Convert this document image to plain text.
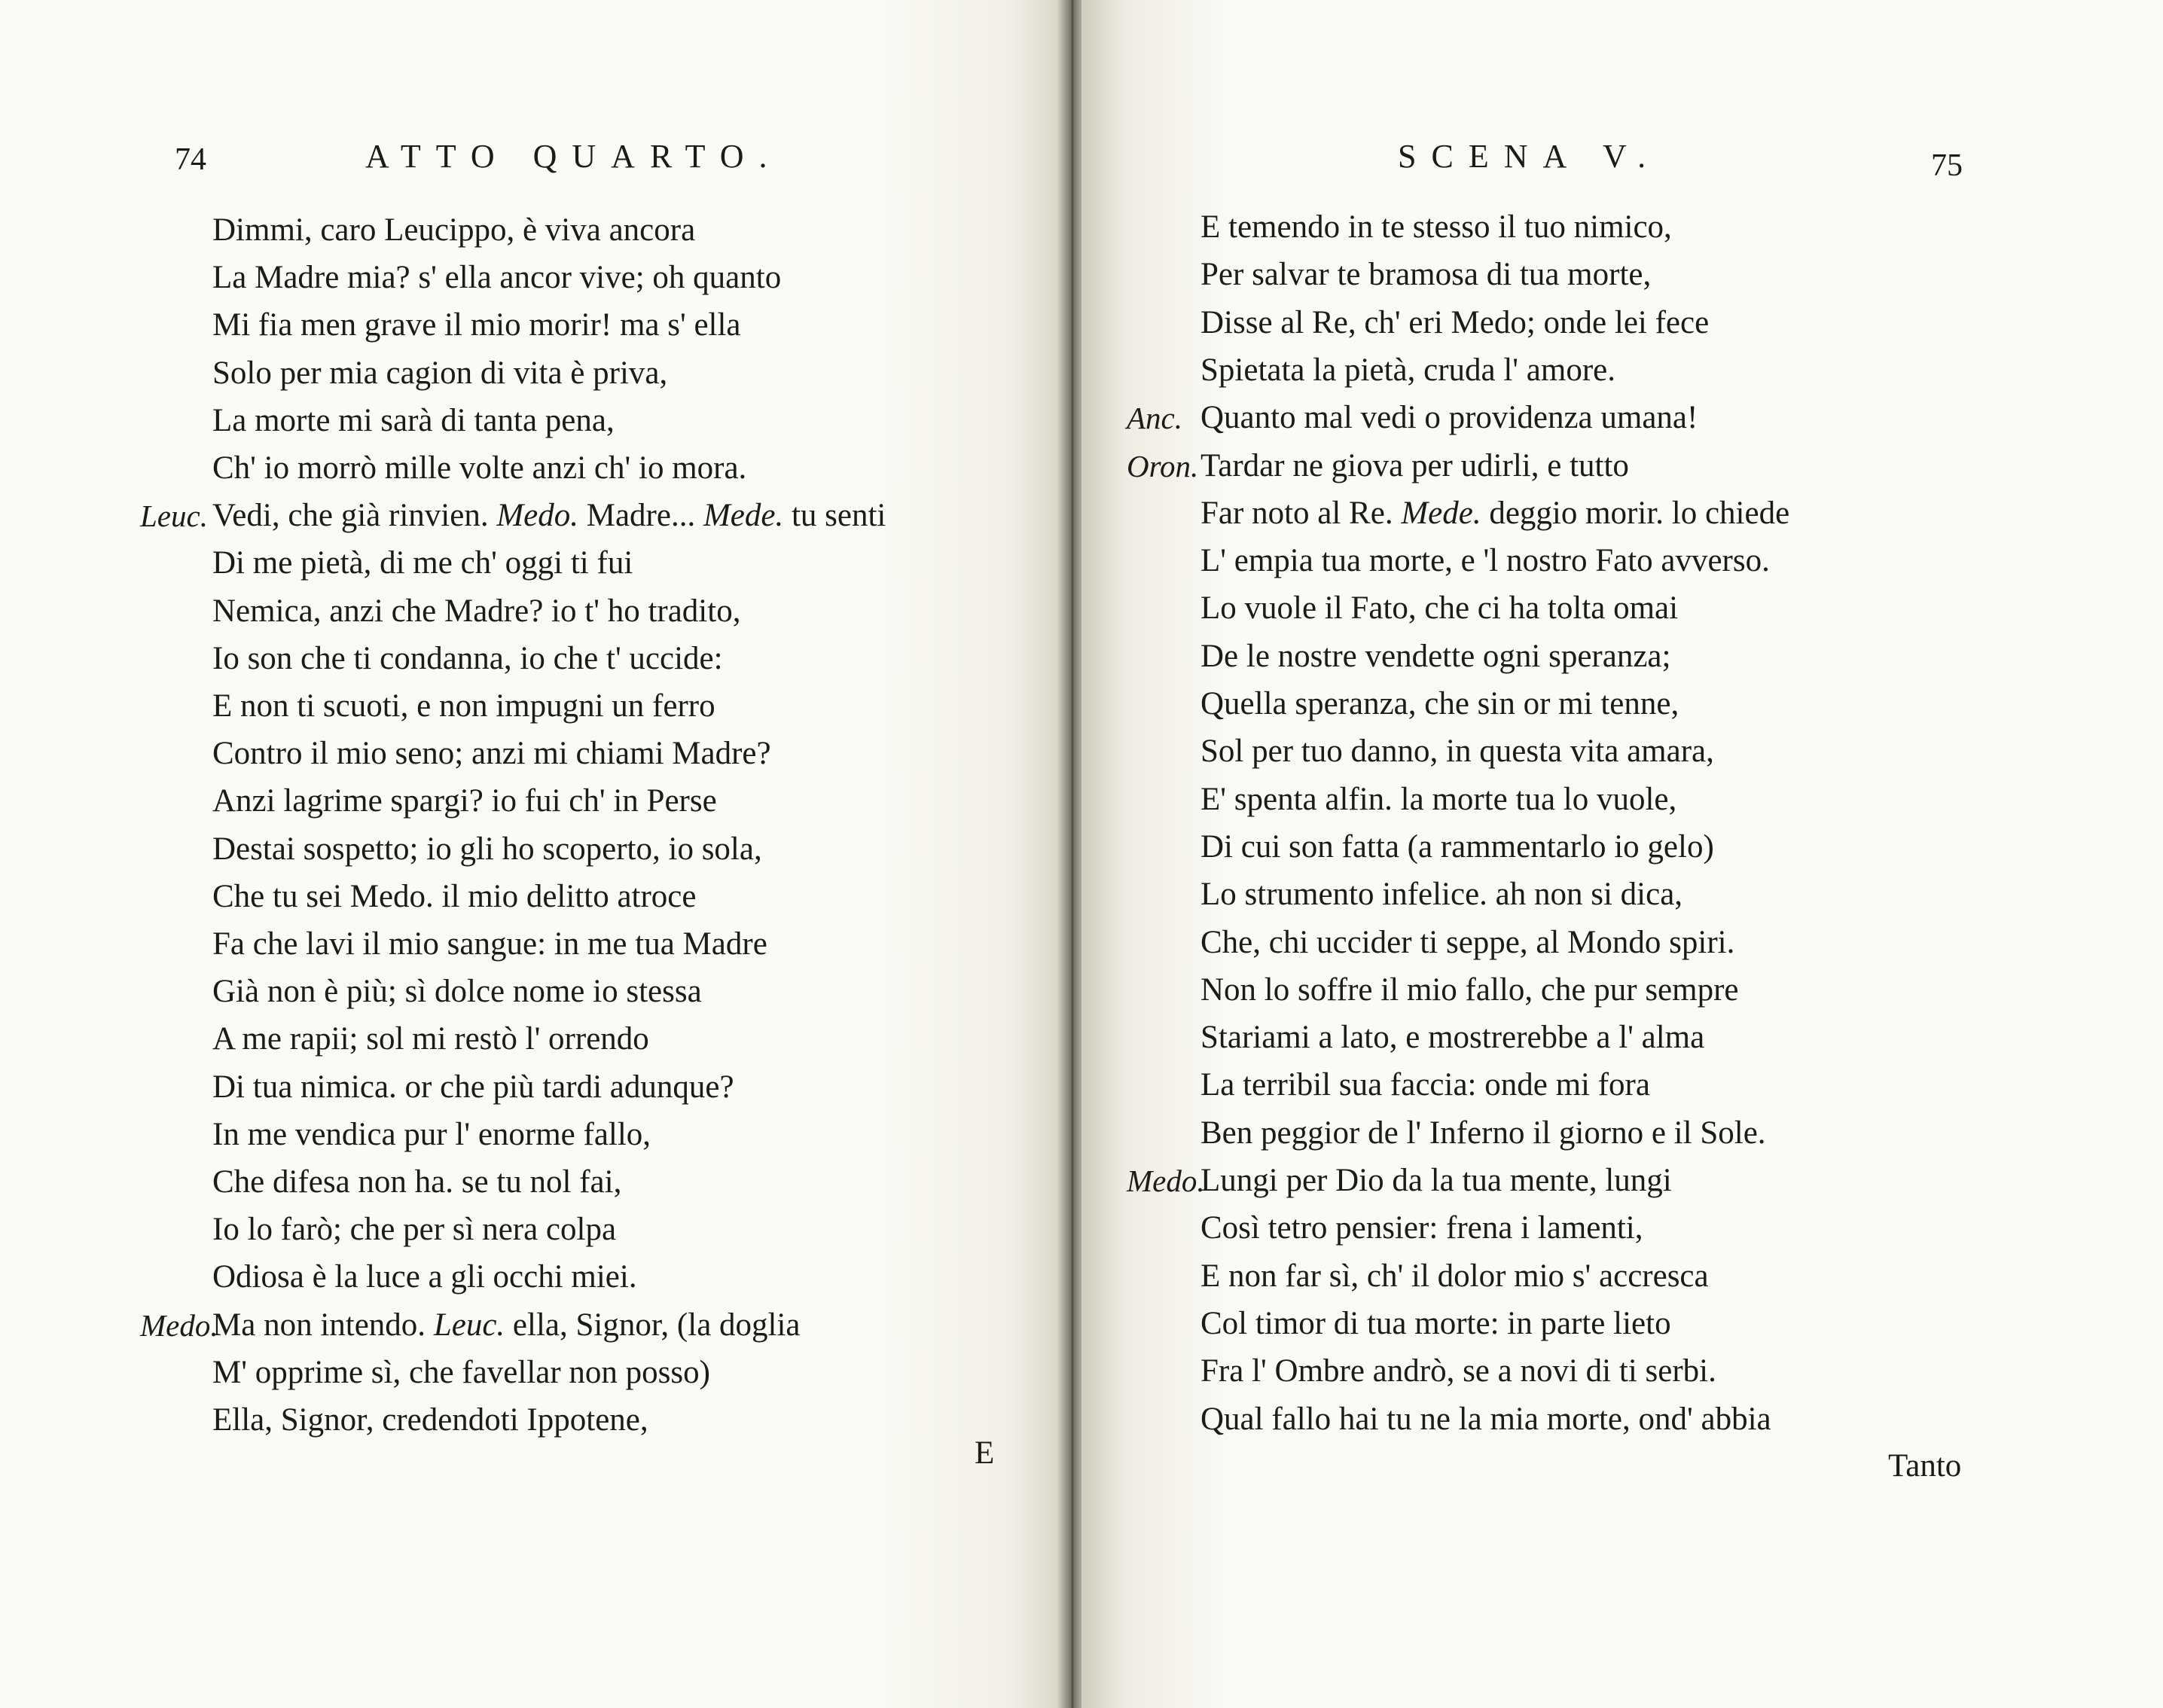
74	ATTO QUARTO.
Dimmi, caro Leucippo, è viva ancora
La Madre mia? s' ella ancor vive; oh quanto
Mi fia men grave il mio morir! ma s' ella
Solo per mia cagion di vita è priva,
La morte mi sarà di tanta pena,
Ch' io morrò mille volte anzi ch' io mora.
Leuc. Vedi, che già rinvien. Medo. Madre... Mede. tu senti
Di me pietà, di me ch' oggi ti fui
Nemica, anzi che Madre? io t' ho tradito,
Io son che ti condanna, io che t' uccide:
E non ti scuoti, e non impugni un ferro
Contro il mio seno; anzi mi chiami Madre?
Anzi lagrime spargi? io fui ch' in Perse
Destai sospetto; io gli ho scoperto, io sola,
Che tu sei Medo. il mio delitto atroce
Fa che lavi il mio sangue: in me tua Madre
Già non è più; sì dolce nome io stessa
A me rapii; sol mi restò l' orrendo
Di tua nimica. or che più tardi adunque?
In me vendica pur l' enorme fallo,
Che difesa non ha. se tu nol fai,
Io lo farò; che per sì nera colpa
Odiosa è la luce a gli occhi miei.
Medo.
Ma non intendo. Leuc. ella, Signor, (la doglia
M' opprime sì, che favellar non posso)
Ella, Signor, credendoti Ippotene,
E
SCENA V.	75
E temendo in te stesso il tuo nimico,
Per salvar te bramosa di tua morte,
Disse al Re, ch' eri Medo; onde lei fece
Spietata la pietà, cruda l' amore.
Anc. Quanto mal vedi o providenza umana!
Oron. Tardar ne giova per udirli, e tutto
Far noto al Re. Mede. deggio morir. lo chiede
L' empia tua morte, e 'l nostro Fato avverso.
Lo vuole il Fato, che ci ha tolta omai
De le nostre vendette ogni speranza;
Quella speranza, che sin or mi tenne,
Sol per tuo danno, in questa vita amara,
E' spenta alfin. la morte tua lo vuole,
Di cui son fatta (a rammentarlo io gelo)
Lo strumento infelice. ah non si dica,
Che, chi uccider ti seppe, al Mondo spiri.
Non lo soffre il mio fallo, che pur sempre
Stariami a lato, e mostrerebbe a l' alma
La terribil sua faccia: onde mi fora
Ben peggior de l' Inferno il giorno e il Sole.
Medo.
Lungi per Dio da la tua mente, lungi
Così tetro pensier: frena i lamenti,
E non far sì, ch' il dolor mio s' accresca
Col timor di tua morte: in parte lieto
Fra l' Ombre andrò, se a novi di ti serbi.
Qual fallo hai tu ne la mia morte, ond' abbia
Tanto
